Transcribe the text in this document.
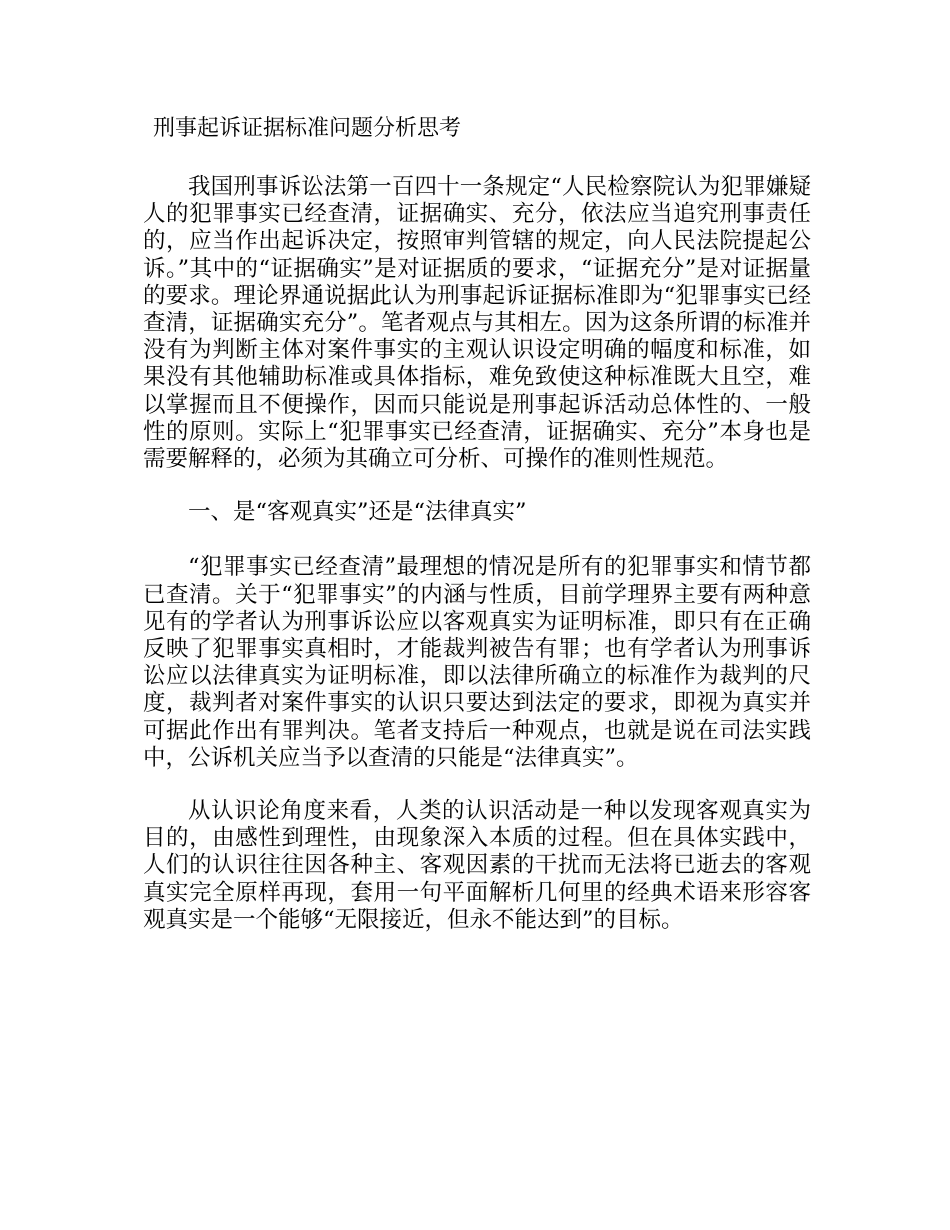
刑事起诉证据标准问题分析思考

我国刑事诉讼法第一百四十一条规定“人民检察院认为犯罪嫌疑人的犯罪事实已经查清，证据确实、充分，依法应当追究刑事责任的，应当作出起诉决定，按照审判管辖的规定，向人民法院提起公诉。”其中的“证据确实”是对证据质的要求，“证据充分”是对证据量的要求。理论界通说据此认为刑事起诉证据标准即为“犯罪事实已经查清，证据确实充分”。笔者观点与其相左。因为这条所谓的标准并没有为判断主体对案件事实的主观认识设定明确的幅度和标准，如果没有其他辅助标准或具体指标，难免致使这种标准既大且空，难以掌握而且不便操作，因而只能说是刑事起诉活动总体性的、一般性的原则。实际上“犯罪事实已经查清，证据确实、充分”本身也是需要解释的，必须为其确立可分析、可操作的准则性规范。

一、是“客观真实”还是“法律真实”

“犯罪事实已经查清”最理想的情况是所有的犯罪事实和情节都已查清。关于“犯罪事实”的内涵与性质，目前学理界主要有两种意见有的学者认为刑事诉讼应以客观真实为证明标准，即只有在正确反映了犯罪事实真相时，才能裁判被告有罪；也有学者认为刑事诉讼应以法律真实为证明标准，即以法律所确立的标准作为裁判的尺度，裁判者对案件事实的认识只要达到法定的要求，即视为真实并可据此作出有罪判决。笔者支持后一种观点，也就是说在司法实践中，公诉机关应当予以查清的只能是“法律真实”。

从认识论角度来看，人类的认识活动是一种以发现客观真实为目的，由感性到理性，由现象深入本质的过程。但在具体实践中，人们的认识往往因各种主、客观因素的干扰而无法将已逝去的客观真实完全原样再现，套用一句平面解析几何里的经典术语来形容客观真实是一个能够“无限接近，但永不能达到”的目标。
